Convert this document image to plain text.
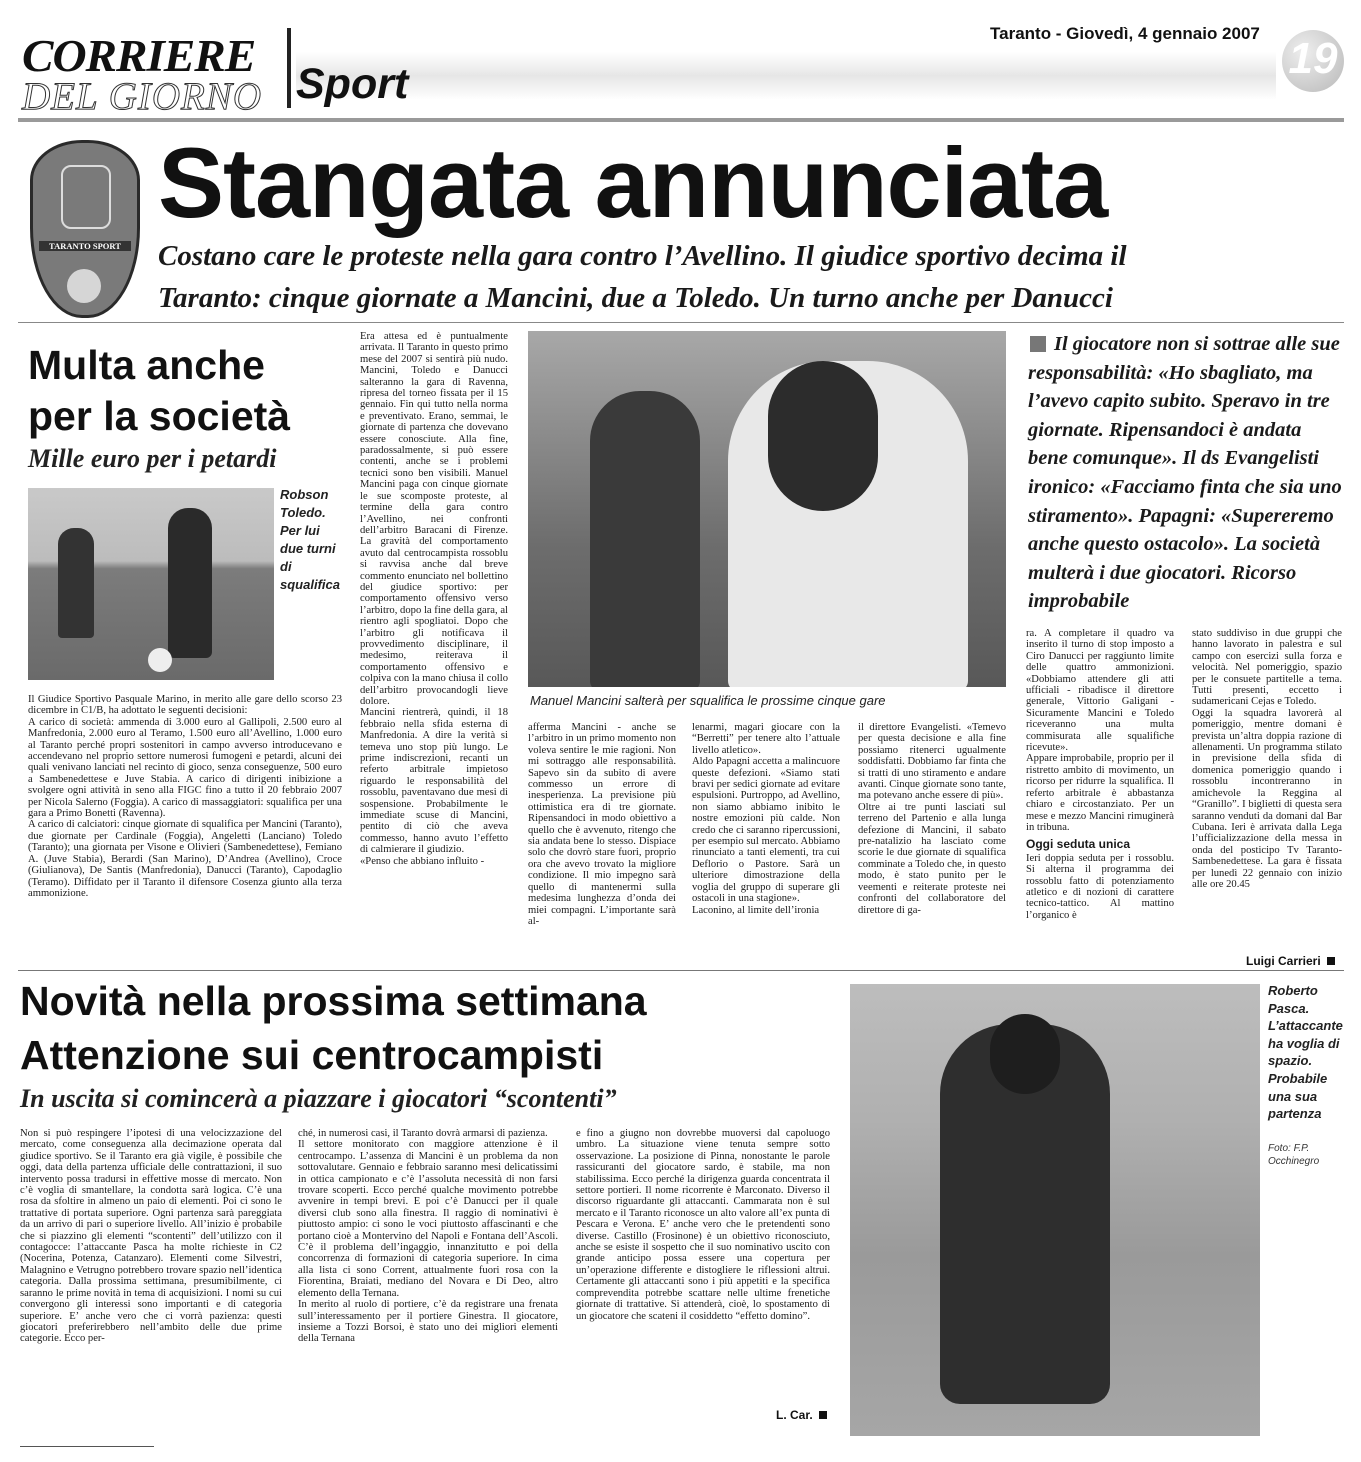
CORRIERE
DEL GIORNO Sport
Taranto - Giovedì, 4 gennaio 2007
19
TARANTO SPORT
Stangata annunciata
Costano care le proteste nella gara contro l’Avellino. Il giudice sportivo decima il
Taranto: cinque giornate a Mancini, due a Toledo. Un turno anche per Danucci
Multa anche
per la società
Mille euro per i petardi
Robson Toledo. Per lui due turni di squalifica

Il Giudice Sportivo Pasquale Marino, in merito alle gare dello scorso 23 dicembre in C1/B, ha adottato le seguenti decisioni:
A carico di società: ammenda di 3.000 euro al Gallipoli, 2.500 euro al Manfredonia, 2.000 euro al Teramo, 1.500 euro all’Avellino, 1.000 euro al Taranto perché propri sostenitori in campo avverso introducevano e accendevano nel proprio settore numerosi fumogeni e petardi, alcuni dei quali venivano lanciati nel recinto di gioco, senza conseguenze, 500 euro a Sambenedettese e Juve Stabia. A carico di dirigenti inibizione a svolgere ogni attività in seno alla FIGC fino a tutto il 20 febbraio 2007 per Nicola Salerno (Foggia). A carico di massaggiatori: squalifica per una gara a Primo Bonetti (Ravenna).
A carico di calciatori: cinque giornate di squalifica per Mancini (Taranto), due giornate per Cardinale (Foggia), Angeletti (Lanciano) Toledo (Taranto); una giornata per Visone e Olivieri (Sambenedettese), Femiano A. (Juve Stabia), Berardi (San Marino), D’Andrea (Avellino), Croce (Giulianova), De Santis (Manfredonia), Danucci (Taranto), Capodaglio (Teramo). Diffidato per il Taranto il difensore Cosenza giunto alla terza ammonizione.

Era attesa ed è puntualmente arrivata. Il Taranto in questo primo mese del 2007 si sentirà più nudo. Mancini, Toledo e Danucci salteranno la gara di Ravenna, ripresa del torneo fissata per il 15 gennaio. Fin qui tutto nella norma e preventivato. Erano, semmai, le giornate di partenza che dovevano essere conosciute. Alla fine, paradossalmente, si può essere contenti, anche se i problemi tecnici sono ben visibili. Manuel Mancini paga con cinque giornate le sue scomposte proteste, al termine della gara contro l’Avellino, nei confronti dell’arbitro Baracani di Firenze. La gravità del comportamento avuto dal centrocampista rossoblu si ravvisa anche dal breve commento enunciato nel bollettino del giudice sportivo: per comportamento offensivo verso l’arbitro, dopo la fine della gara, al rientro agli spogliatoi. Dopo che l’arbitro gli notificava il provvedimento disciplinare, il medesimo, reiterava il comportamento offensivo e colpiva con la mano chiusa il collo dell’arbitro provocandogli lieve dolore.
Mancini rientrerà, quindi, il 18 febbraio nella sfida esterna di Manfredonia. A dire la verità si temeva uno stop più lungo. Le prime indiscrezioni, recanti un referto arbitrale impietoso riguardo le responsabilità del rossoblu, paventavano due mesi di sospensione. Probabilmente le immediate scuse di Mancini, pentito di ciò che aveva commesso, hanno avuto l’effetto di calmierare il giudizio.
«Penso che abbiano influito -

Manuel Mancini salterà per squalifica le prossime cinque gare

afferma Mancini - anche se l’arbitro in un primo momento non voleva sentire le mie ragioni. Non mi sottraggo alle responsabilità. Sapevo sin da subito di avere commesso un errore di inesperienza. La previsione più ottimistica era di tre giornate. Ripensandoci in modo obiettivo a quello che è avvenuto, ritengo che sia andata bene lo stesso. Dispiace solo che dovrò stare fuori, proprio ora che avevo trovato la migliore condizione. Il mio impegno sarà quello di mantenermi sulla medesima lunghezza d’onda dei miei compagni. L’importante sarà al-

lenarmi, magari giocare con la “Berretti” per tenere alto l’attuale livello atletico».
Aldo Papagni accetta a malincuore queste defezioni. «Siamo stati bravi per sedici giornate ad evitare espulsioni. Purtroppo, ad Avellino, non siamo abbiamo inibito le nostre emozioni più calde. Non credo che ci saranno ripercussioni, per esempio sul mercato. Abbiamo rinunciato a tanti elementi, tra cui Deflorio o Pastore. Sarà un ulteriore dimostrazione della voglia del gruppo di superare gli ostacoli in una stagione».
Laconino, al limite dell’ironia

il direttore Evangelisti. «Temevo per questa decisione e alla fine possiamo ritenerci ugualmente soddisfatti. Dobbiamo far finta che si tratti di uno stiramento e andare avanti. Cinque giornate sono tante, ma potevano anche essere di più».
Oltre ai tre punti lasciati sul terreno del Partenio e alla lunga defezione di Mancini, il sabato pre-natalizio ha lasciato come scorie le due giornate di squalifica comminate a Toledo che, in questo modo, è stato punito per le veementi e reiterate proteste nei confronti del collaboratore del direttore di ga-

Il giocatore non si sottrae alle sue responsabilità: «Ho sbagliato, ma l’avevo capito subito. Speravo in tre giornate. Ripensandoci è andata bene comunque». Il ds Evangelisti ironico: «Facciamo finta che sia uno stiramento». Papagni: «Supereremo anche questo ostacolo». La società multerà i due giocatori. Ricorso improbabile

ra. A completare il quadro va inserito il turno di stop imposto a Ciro Danucci per raggiunto limite delle quattro ammonizioni. «Dobbiamo attendere gli atti ufficiali - ribadisce il direttore generale, Vittorio Galigani - Sicuramente Mancini e Toledo riceveranno una multa commisurata alle squalifiche ricevute».
Appare improbabile, proprio per il ristretto ambito di movimento, un ricorso per ridurre la squalifica. Il referto arbitrale è abbastanza chiaro e circostanziato. Per un mese e mezzo Mancini rimuginerà in tribuna.

Oggi seduta unica

Ieri doppia seduta per i rossoblu. Si alterna il programma dei rossoblu fatto di potenziamento atletico e di nozioni di carattere tecnico-tattico. Al mattino l’organico è

stato suddiviso in due gruppi che hanno lavorato in palestra e sul campo con esercizi sulla forza e velocità. Nel pomeriggio, spazio per le consuete partitelle a tema. Tutti presenti, eccetto i sudamericani Cejas e Toledo.
Oggi la squadra lavorerà al pomeriggio, mentre domani è prevista un’altra doppia razione di allenamenti. Un programma stilato in previsione della sfida di domenica pomeriggio quando i rossoblu incontreranno in amichevole la Reggina al “Granillo”. I biglietti di questa sera saranno venduti da domani dal Bar Cubana. Ieri è arrivata dalla Lega l’ufficializzazione della messa in onda del posticipo Tv Taranto-Sambenedettese. La gara è fissata per lunedì 22 gennaio con inizio alle ore 20.45

Luigi Carrieri
Novità nella prossima settimana
Attenzione sui centrocampisti
In uscita si comincerà a piazzare i giocatori “scontenti”

Non si può respingere l’ipotesi di una velocizzazione del mercato, come conseguenza alla decimazione operata dal giudice sportivo. Se il Taranto era già vigile, è possibile che oggi, data della partenza ufficiale delle contrattazioni, il suo intervento possa tradursi in effettive mosse di mercato. Non c’è voglia di smantellare, la condotta sarà logica. C’è una rosa da sfoltire in almeno un paio di elementi. Poi ci sono le trattative di portata superiore. Ogni partenza sarà pareggiata da un arrivo di pari o superiore livello. All’inizio è probabile che si piazzino gli elementi “scontenti” dell’utilizzo con il contagocce: l’attaccante Pasca ha molte richieste in C2 (Nocerina, Potenza, Catanzaro). Elementi come Silvestri, Malagnino e Vetrugno potrebbero trovare spazio nell’identica categoria. Dalla prossima settimana, presumibilmente, ci saranno le prime novità in tema di acquisizioni. I nomi su cui convergono gli interessi sono importanti e di categoria superiore. E’ anche vero che ci vorrà pazienza: questi giocatori preferirebbero nell’ambito delle due prime categorie. Ecco per-

ché, in numerosi casi, il Taranto dovrà armarsi di pazienza.
Il settore monitorato con maggiore attenzione è il centrocampo. L’assenza di Mancini è un problema da non sottovalutare. Gennaio e febbraio saranno mesi delicatissimi in ottica campionato e c’è l’assoluta necessità di non farsi trovare scoperti. Ecco perché qualche movimento potrebbe avvenire in tempi brevi. E poi c’è Danucci per il quale diversi club sono alla finestra. Il raggio di nominativi è piuttosto ampio: ci sono le voci piuttosto affascinanti e che portano cioè a Montervino del Napoli e Fontana dell’Ascoli. C’è il problema dell’ingaggio, innanzitutto e poi della concorrenza di formazioni di categoria superiore. In cima alla lista ci sono Corrent, attualmente fuori rosa con la Fiorentina, Braiati, mediano del Novara e Di Deo, altro elemento della Ternana.
In merito al ruolo di portiere, c’è da registrare una frenata sull’interessamento per il portiere Ginestra. Il giocatore, insieme a Tozzi Borsoi, è stato uno dei migliori elementi della Ternana

e fino a giugno non dovrebbe muoversi dal capoluogo umbro. La situazione viene tenuta sempre sotto osservazione. La posizione di Pinna, nonostante le parole rassicuranti del giocatore sardo, è stabile, ma non stabilissima. Ecco perché la dirigenza guarda concentrata il settore portieri. Il nome ricorrente è Marconato. Diverso il discorso riguardante gli attaccanti. Cammarata non è sul mercato e il Taranto riconosce un alto valore all’ex punta di Pescara e Verona. E’ anche vero che le pretendenti sono diverse. Castillo (Frosinone) è un obiettivo riconosciuto, anche se esiste il sospetto che il suo nominativo uscito con grande anticipo possa essere una copertura per un’operazione differente e distogliere le riflessioni altrui. Certamente gli attaccanti sono i più appetiti e la specifica comprevendita potrebbe scattare nelle ultime frenetiche giornate di trattative. Si attenderà, cioè, lo spostamento di un giocatore che scateni il cosiddetto “effetto domino”.

L. Car.
Roberto Pasca. L’attaccante ha voglia di spazio. Probabile una sua partenza
Foto: F.P. Occhinegro
